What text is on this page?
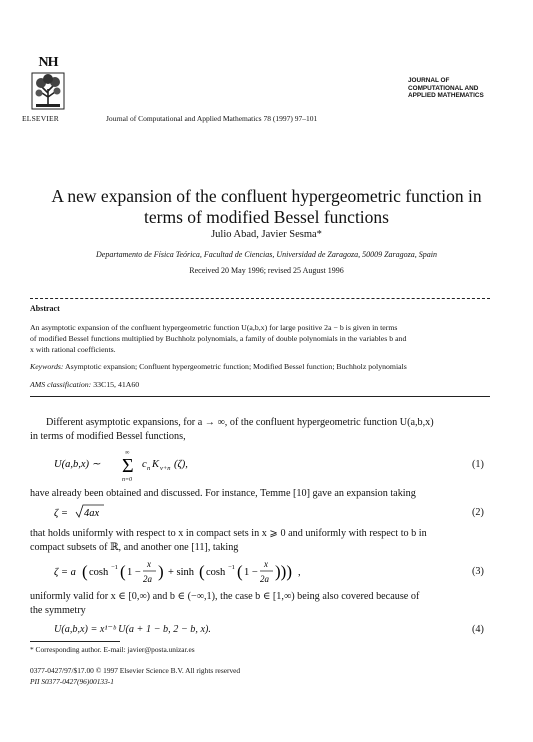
NH
ELSEVIER	Journal of Computational and Applied Mathematics 78 (1997) 97–101
JOURNAL OF
COMPUTATIONAL AND
APPLIED MATHEMATICS
A new expansion of the confluent hypergeometric function in
terms of modified Bessel functions
Julio Abad, Javier Sesma*
Departamento de Física Teórica, Facultad de Ciencias, Universidad de Zaragoza, 50009 Zaragoza, Spain
Received 20 May 1996; revised 25 August 1996
Abstract
An asymptotic expansion of the confluent hypergeometric function U(a,b,x) for large positive 2a − b is given in terms
of modified Bessel functions multiplied by Buchholz polynomials, a family of double polynomials in the variables b and
x with rational coefficients.
Keywords: Asymptotic expansion; Confluent hypergeometric function; Modified Bessel function; Buchholz polynomials
AMS classification: 33C15, 41A60
Different asymptotic expansions, for a → ∞, of the confluent hypergeometric function U(a,b,x)
in terms of modified Bessel functions,
U(a,b,x) ∼ Σ
∞
n=0
c n K ν+n (ζ),	(1)
have already been obtained and discussed. For instance, Temme [10] gave an expansion taking
ζ = 4ax	(2)
that holds uniformly with respect to x in compact sets in x ⩾ 0 and uniformly with respect to b in
compact subsets of ℝ, and another one [11], taking
ζ = a ( cosh −1 ( 1 −
x
2a ) + sinh ( cosh −1 ( 1 −
x
2a ))) ,	(3)
uniformly valid for x ∈ [0,∞) and b ∈ (−∞,1), the case b ∈ [1,∞) being also covered because of
the symmetry
U(a,b,x) = x¹⁻ᵇ U(a + 1 − b, 2 − b, x).	(4)
* Corresponding author. E-mail: javier@posta.unizar.es
0377-0427/97/$17.00 © 1997 Elsevier Science B.V. All rights reserved
PII S0377-0427(96)00133-1
